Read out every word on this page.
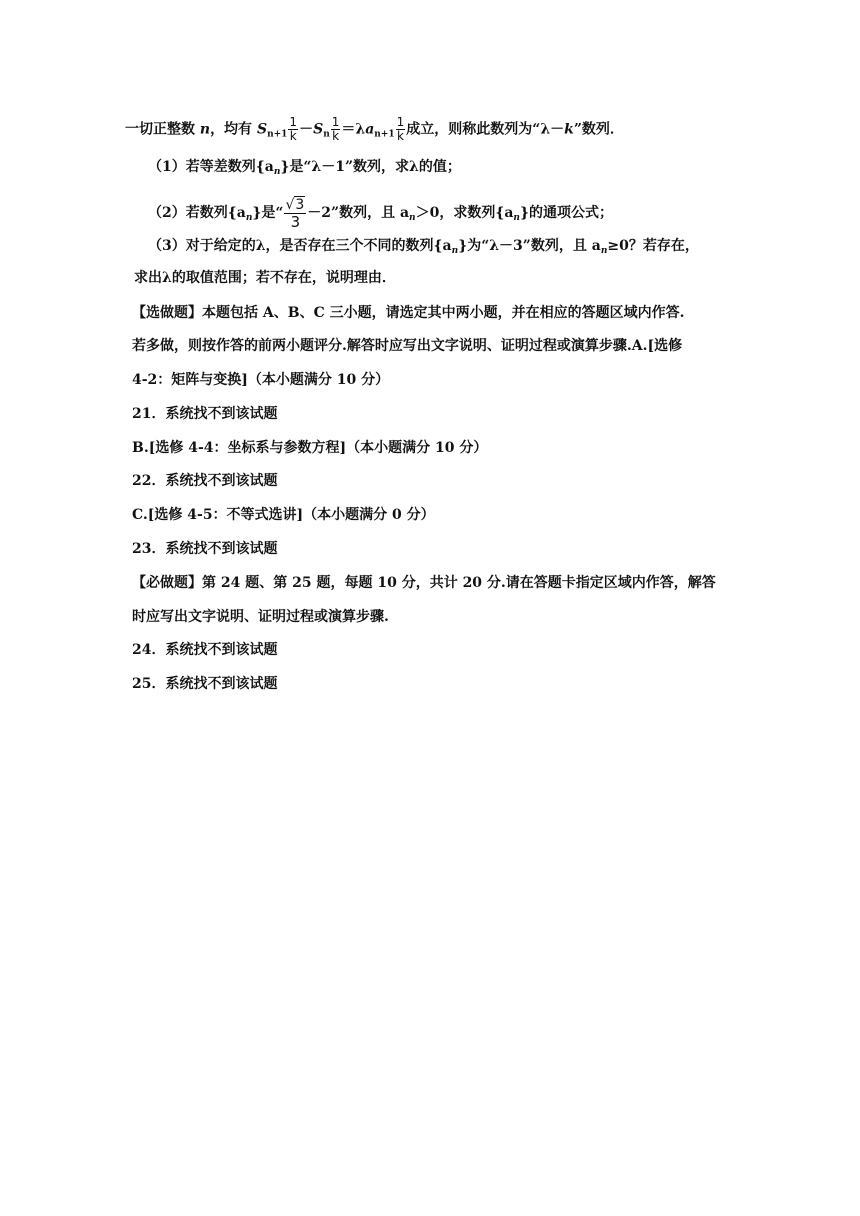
一切正整数 n，均有 $S_{n+1} \frac{1}{k} -S_n \frac{1}{k} =\lambda a_{n+1} \frac{1}{k}$ 成立，则称此数列为“λ－k”数列．
（1）若等差数列$\{a_n\}$是“λ－1”数列，求λ的值；
（2）若数列$\{a_n\}$是“ $\frac{√3}{3} -2$”数列，且 $a_n>0$，求数列$\{a_n\}$的通项公式；
（3）对于给定的λ，是否存在三个不同的数列$\{a_n\}$为“λ－3”数列，且 $a_n\ge 0$？若存在，
求出λ的取值范围；若不存在，说明理由．
【选做题】本题包括 A、B、C 三小题，请选定其中两小题，并在相应的答题区域内作答.
若多做，则按作答的前两小题评分.解答时应写出文字说明、证明过程或演算步骤.A.[选修
4-2：矩阵与变换]（本小题满分 10 分）
21．系统找不到该试题
B.[选修 4-4：坐标系与参数方程]（本小题满分 10 分）
22．系统找不到该试题
C.[选修 4-5：不等式选讲]（本小题满分 0 分）
23．系统找不到该试题
【必做题】第 24 题、第 25 题，每题 10 分，共计 20 分.请在答题卡指定区域内作答，解答
时应写出文字说明、证明过程或演算步骤.
24．系统找不到该试题
25．系统找不到该试题
